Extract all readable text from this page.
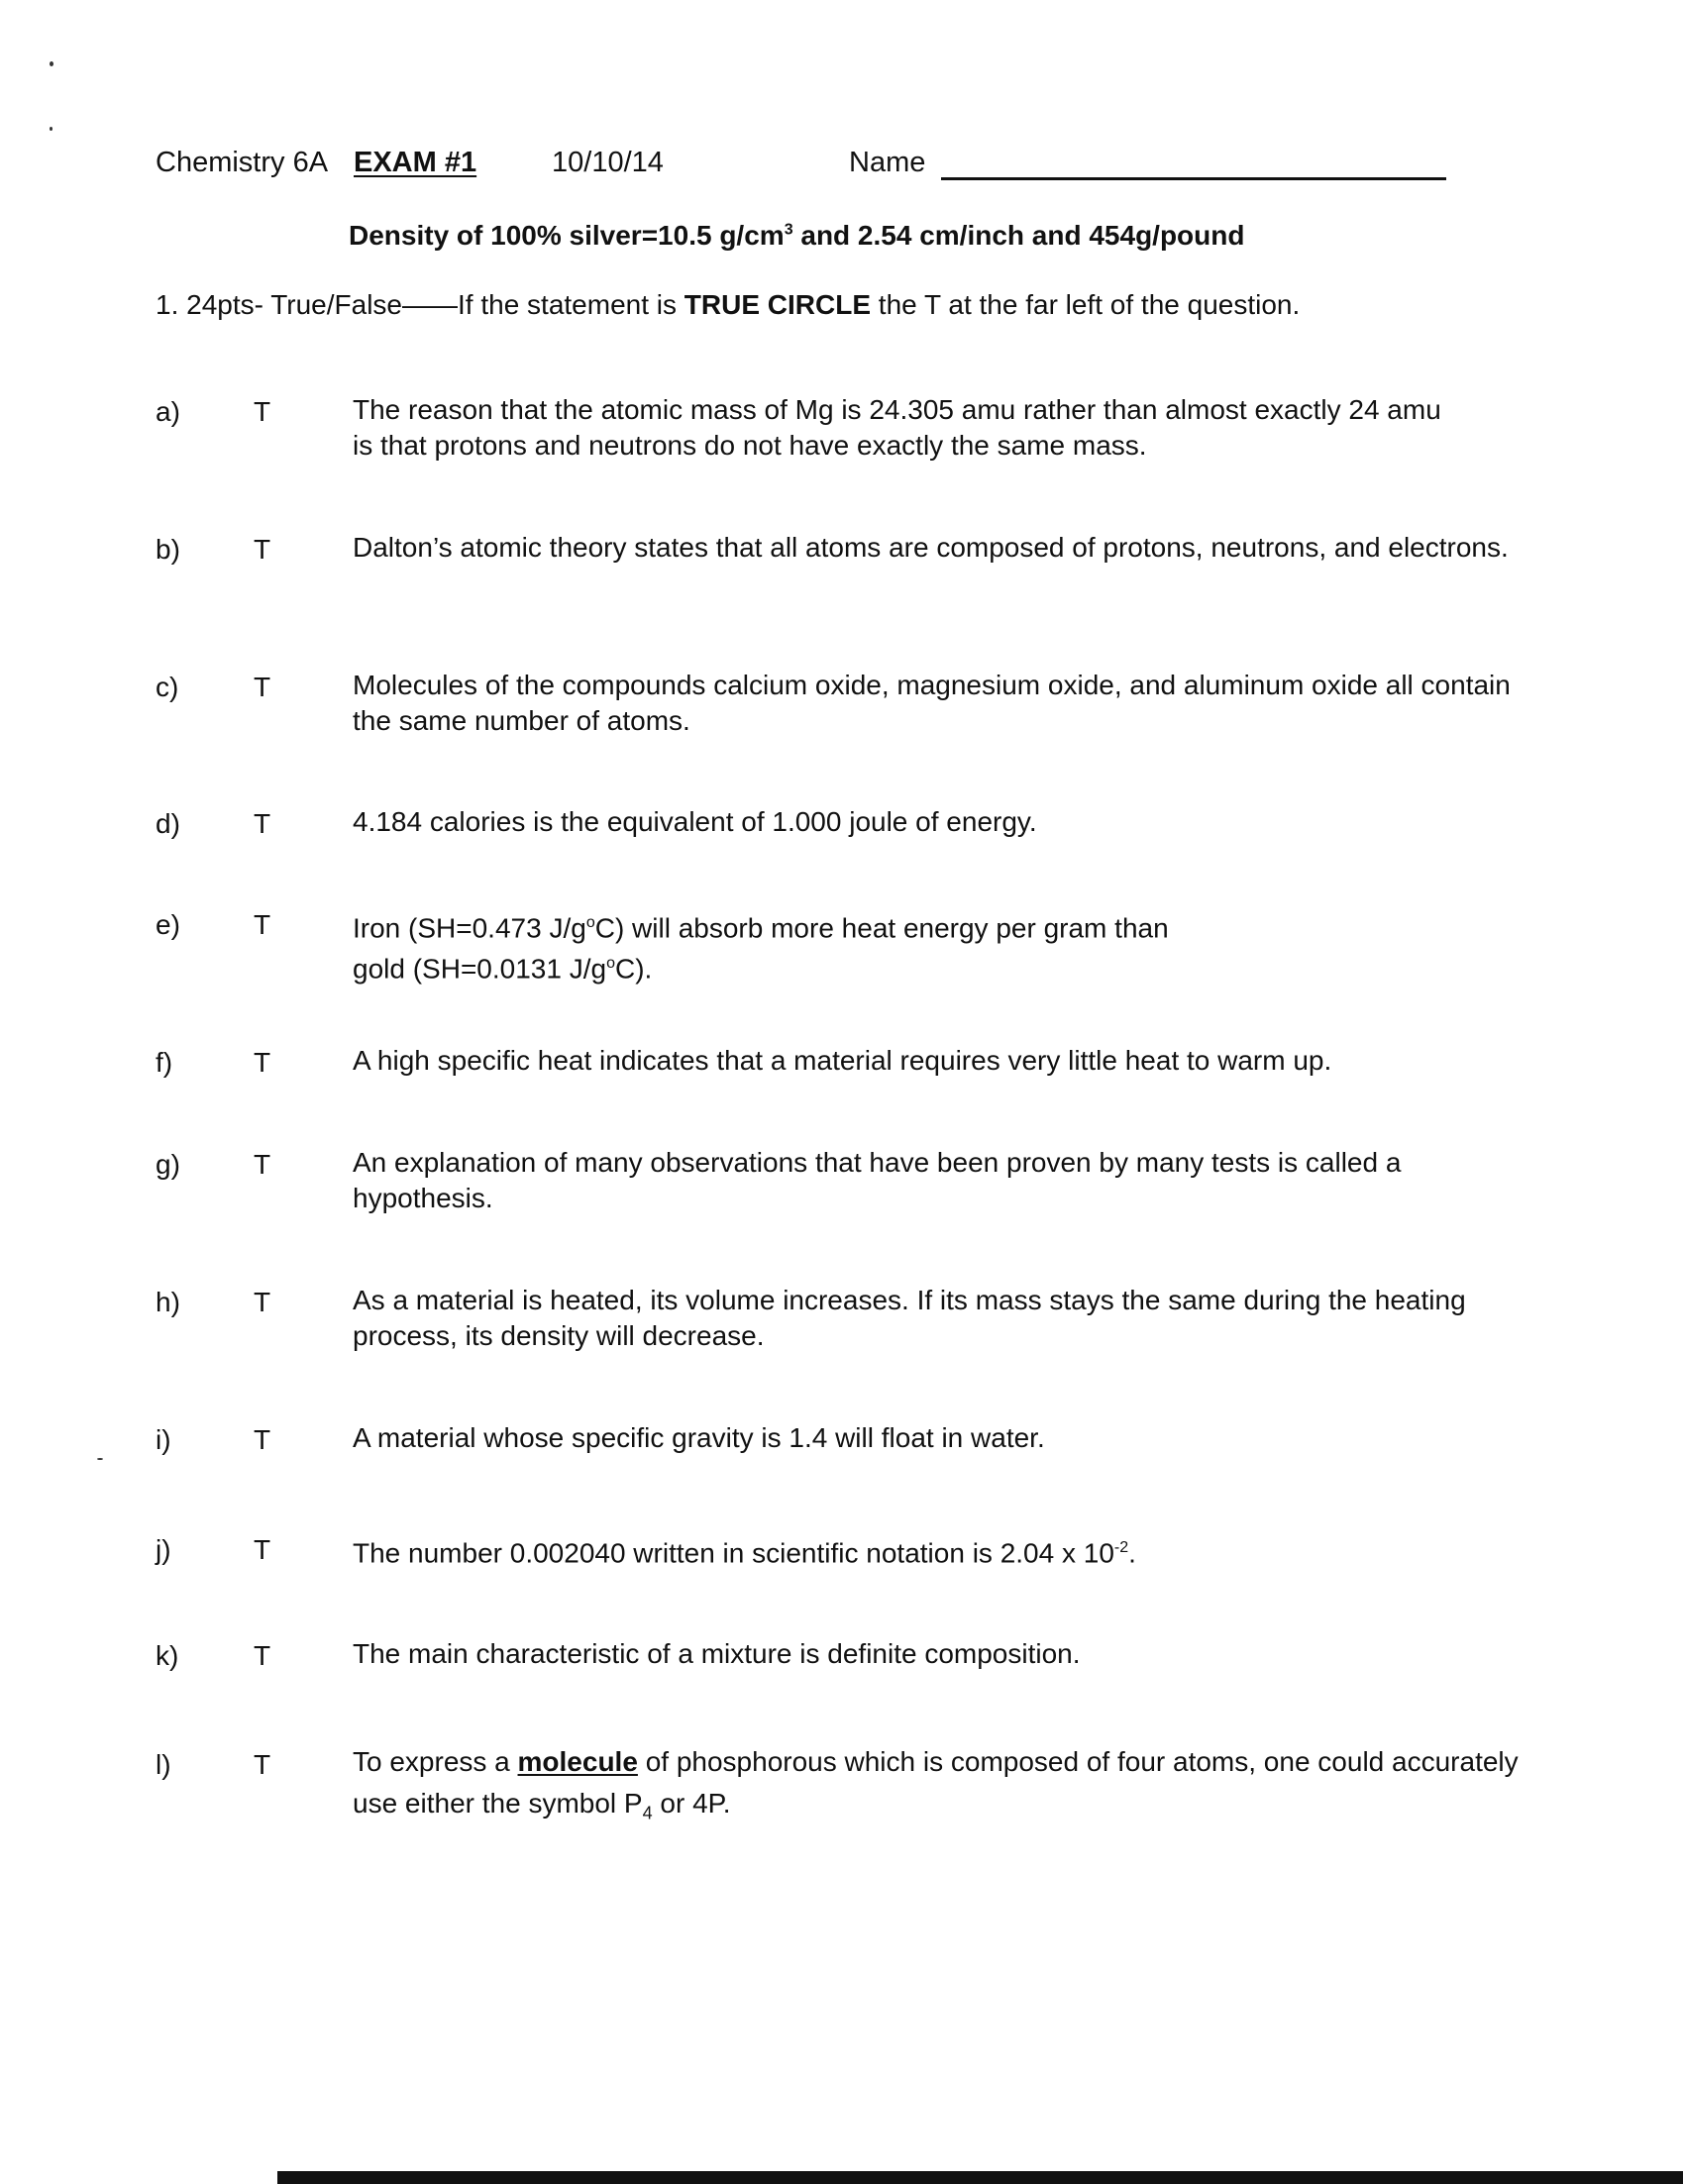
Chemistry 6A EXAM #1	10/10/14	Name
Density of 100% silver=10.5 $g/cm^3$ and 2.54 cm/inch and 454g/pound
1. 24pts- True/False——If the statement is TRUE CIRCLE the T at the far left of the question.
a)	T	The reason that the atomic mass of Mg is 24.305 amu rather than almost exactly 24 amu is that protons and neutrons do not have exactly the same mass.
b)	T	Dalton’s atomic theory states that all atoms are composed of protons, neutrons, and electrons.
c)	T	Molecules of the compounds calcium oxide, magnesium oxide, and aluminum oxide all contain the same number of atoms.
d)	T	4.184 calories is the equivalent of 1.000 joule of energy.
e)	T	Iron (SH=0.473 $J/g^oC$) will absorb more heat energy per gram than
gold (SH=0.0131 $J/g^oC$).
f)	T	A high specific heat indicates that a material requires very little heat to warm up.
g)	T	An explanation of many observations that have been proven by many tests is called a hypothesis.
h)	T	As a material is heated, its volume increases. If its mass stays the same during the heating process, its density will decrease.
i)	T	A material whose specific gravity is 1.4 will float in water.
j)	T	The number 0.002040 written in scientific notation is 2.04 x $10^{-2}$.
k)	T	The main characteristic of a mixture is definite composition.
l)	T	To express a molecule of phosphorous which is composed of four atoms, one could accurately use either the symbol $P_4$ or 4P.
